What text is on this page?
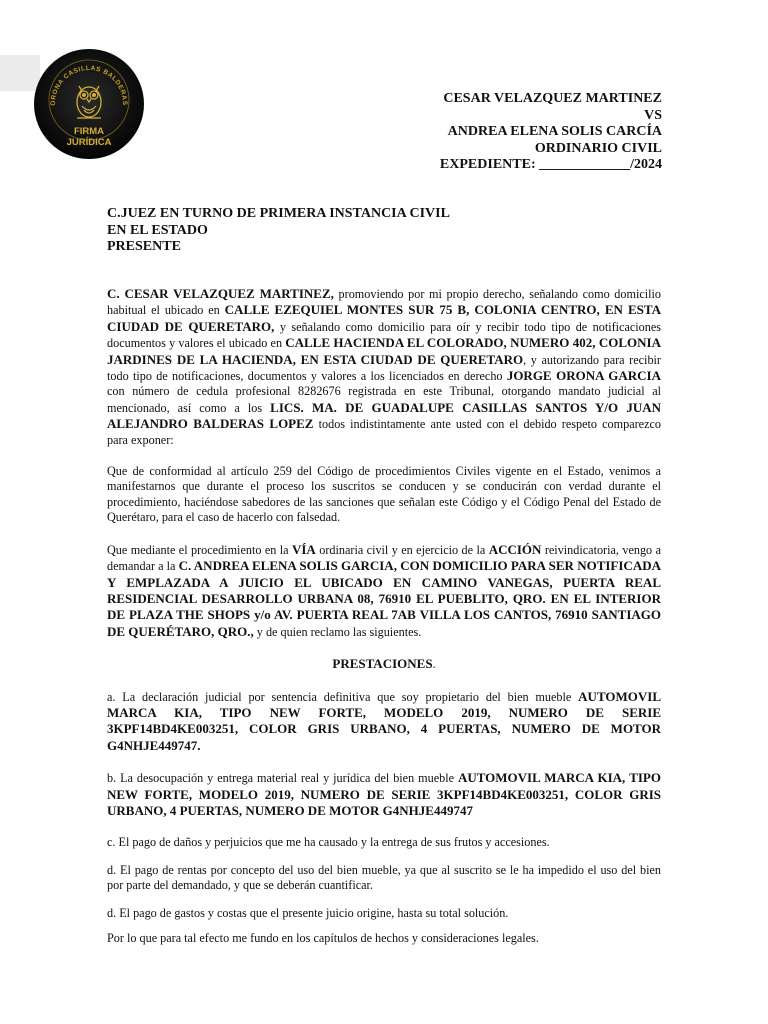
ORONA CASILLAS BALDERAS
FIRMA
JURÍDICA
CESAR VELAZQUEZ MARTINEZ
VS
ANDREA ELENA SOLIS CARCÍA
ORDINARIO CIVIL
EXPEDIENTE: _____________/2024
C.JUEZ EN TURNO DE PRIMERA INSTANCIA CIVIL
EN EL ESTADO
PRESENTE

C. CESAR VELAZQUEZ MARTINEZ, promoviendo por mi propio derecho, señalando como domicilio habitual el ubicado en CALLE EZEQUIEL MONTES SUR 75 B, COLONIA CENTRO, EN ESTA CIUDAD DE QUERETARO, y señalando como domicilio para oír y recibir todo tipo de notificaciones documentos y valores el ubicado en CALLE HACIENDA EL COLORADO, NUMERO 402, COLONIA JARDINES DE LA HACIENDA, EN ESTA CIUDAD DE QUERETARO, y autorizando para recibir todo tipo de notificaciones, documentos y valores a los licenciados en derecho JORGE ORONA GARCIA con número de cedula profesional 8282676 registrada en este Tribunal, otorgando mandato judicial al mencionado, así como a los LICS. MA. DE GUADALUPE CASILLAS SANTOS Y/O JUAN ALEJANDRO BALDERAS LOPEZ todos indistintamente ante usted con el debido respeto comparezco para exponer:

Que de conformidad al artículo 259 del Código de procedimientos Civiles vigente en el Estado, venimos a manifestarnos que durante el proceso los suscritos se conducen y se conducirán con verdad durante el procedimiento, haciéndose sabedores de las sanciones que señalan este Código y el Código Penal del Estado de Querétaro, para el caso de hacerlo con falsedad.

Que mediante el procedimiento en la VÍA ordinaria civil y en ejercicio de la ACCIÓN reivindicatoria, vengo a demandar a la C. ANDREA ELENA SOLIS GARCIA, CON DOMICILIO PARA SER NOTIFICADA Y EMPLAZADA A JUICIO EL UBICADO EN CAMINO VANEGAS, PUERTA REAL RESIDENCIAL DESARROLLO URBANA 08, 76910 EL PUEBLITO, QRO. EN EL INTERIOR DE PLAZA THE SHOPS y/o AV. PUERTA REAL 7AB VILLA LOS CANTOS, 76910 SANTIAGO DE QUERÉTARO, QRO., y de quien reclamo las siguientes.

PRESTACIONES.

a. La declaración judicial por sentencia definitiva que soy propietario del bien mueble AUTOMOVIL MARCA KIA, TIPO NEW FORTE, MODELO 2019, NUMERO DE SERIE 3KPF14BD4KE003251, COLOR GRIS URBANO, 4 PUERTAS, NUMERO DE MOTOR G4NHJE449747.

b. La desocupación y entrega material real y jurídica del bien mueble AUTOMOVIL MARCA KIA, TIPO NEW FORTE, MODELO 2019, NUMERO DE SERIE 3KPF14BD4KE003251, COLOR GRIS URBANO, 4 PUERTAS, NUMERO DE MOTOR G4NHJE449747

c. El pago de daños y perjuicios que me ha causado y la entrega de sus frutos y accesiones.

d. El pago de rentas por concepto del uso del bien mueble, ya que al suscrito se le ha impedido el uso del bien por parte del demandado, y que se deberán cuantificar.

d. El pago de gastos y costas que el presente juicio origine, hasta su total solución.

Por lo que para tal efecto me fundo en los capítulos de hechos y consideraciones legales.
